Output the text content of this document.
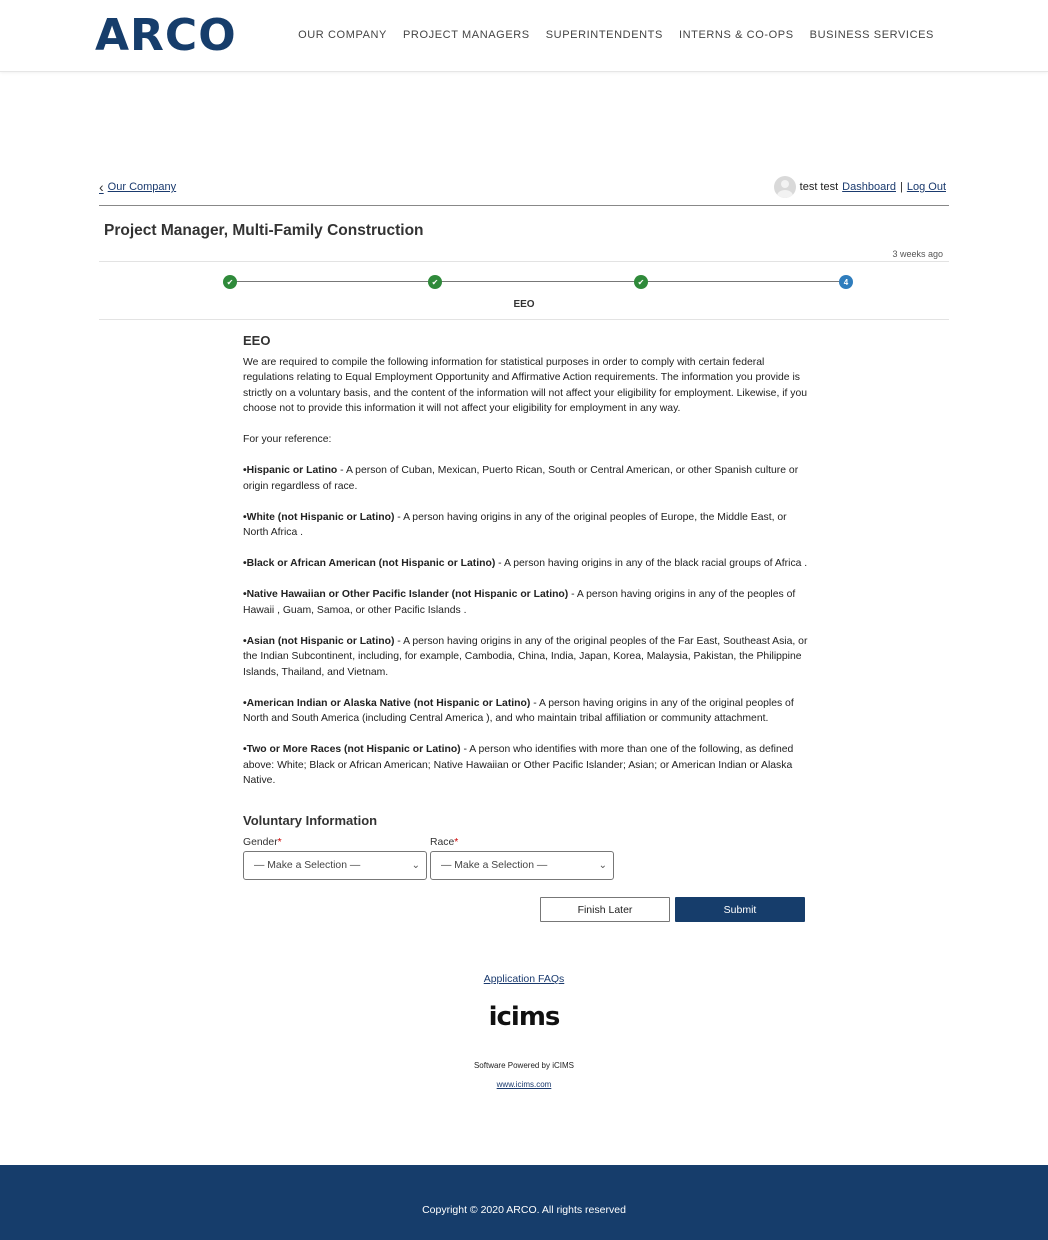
ARCO	OUR COMPANY PROJECT MANAGERS SUPERINTENDENTS INTERNS & CO-OPS BUSINESS SERVICES
‹ Our Company	test test Dashboard | Log Out
Project Manager, Multi-Family Construction
3 weeks ago
✔	✔	✔	4
EEO
EEO

We are required to compile the following information for statistical purposes in order to comply with certain federal regulations relating to Equal Employment Opportunity and Affirmative Action requirements. The information you provide is strictly on a voluntary basis, and the content of the information will not affect your eligibility for employment. Likewise, if you choose not to provide this information it will not affect your eligibility for employment in any way.

For your reference:

•Hispanic or Latino - A person of Cuban, Mexican, Puerto Rican, South or Central American, or other Spanish culture or origin regardless of race.

•White (not Hispanic or Latino) - A person having origins in any of the original peoples of Europe, the Middle East, or North Africa .

•Black or African American (not Hispanic or Latino) - A person having origins in any of the black racial groups of Africa .

•Native Hawaiian or Other Pacific Islander (not Hispanic or Latino) - A person having origins in any of the peoples of Hawaii , Guam, Samoa, or other Pacific Islands .

•Asian (not Hispanic or Latino) - A person having origins in any of the original peoples of the Far East, Southeast Asia, or the Indian Subcontinent, including, for example, Cambodia, China, India, Japan, Korea, Malaysia, Pakistan, the Philippine Islands, Thailand, and Vietnam.

•American Indian or Alaska Native (not Hispanic or Latino) - A person having origins in any of the original peoples of North and South America (including Central America ), and who maintain tribal affiliation or community attachment.

•Two or More Races (not Hispanic or Latino) - A person who identifies with more than one of the following, as defined above: White; Black or African American; Native Hawaiian or Other Pacific Islander; Asian; or American Indian or Alaska Native.

Voluntary Information
Gender*	Race*
— Make a Selection —	⌄ — Make a Selection —	⌄
Finish Later	Submit
Application FAQs
icims
Software Powered by iCIMS
www.icims.com
Copyright © 2020 ARCO. All rights reserved
